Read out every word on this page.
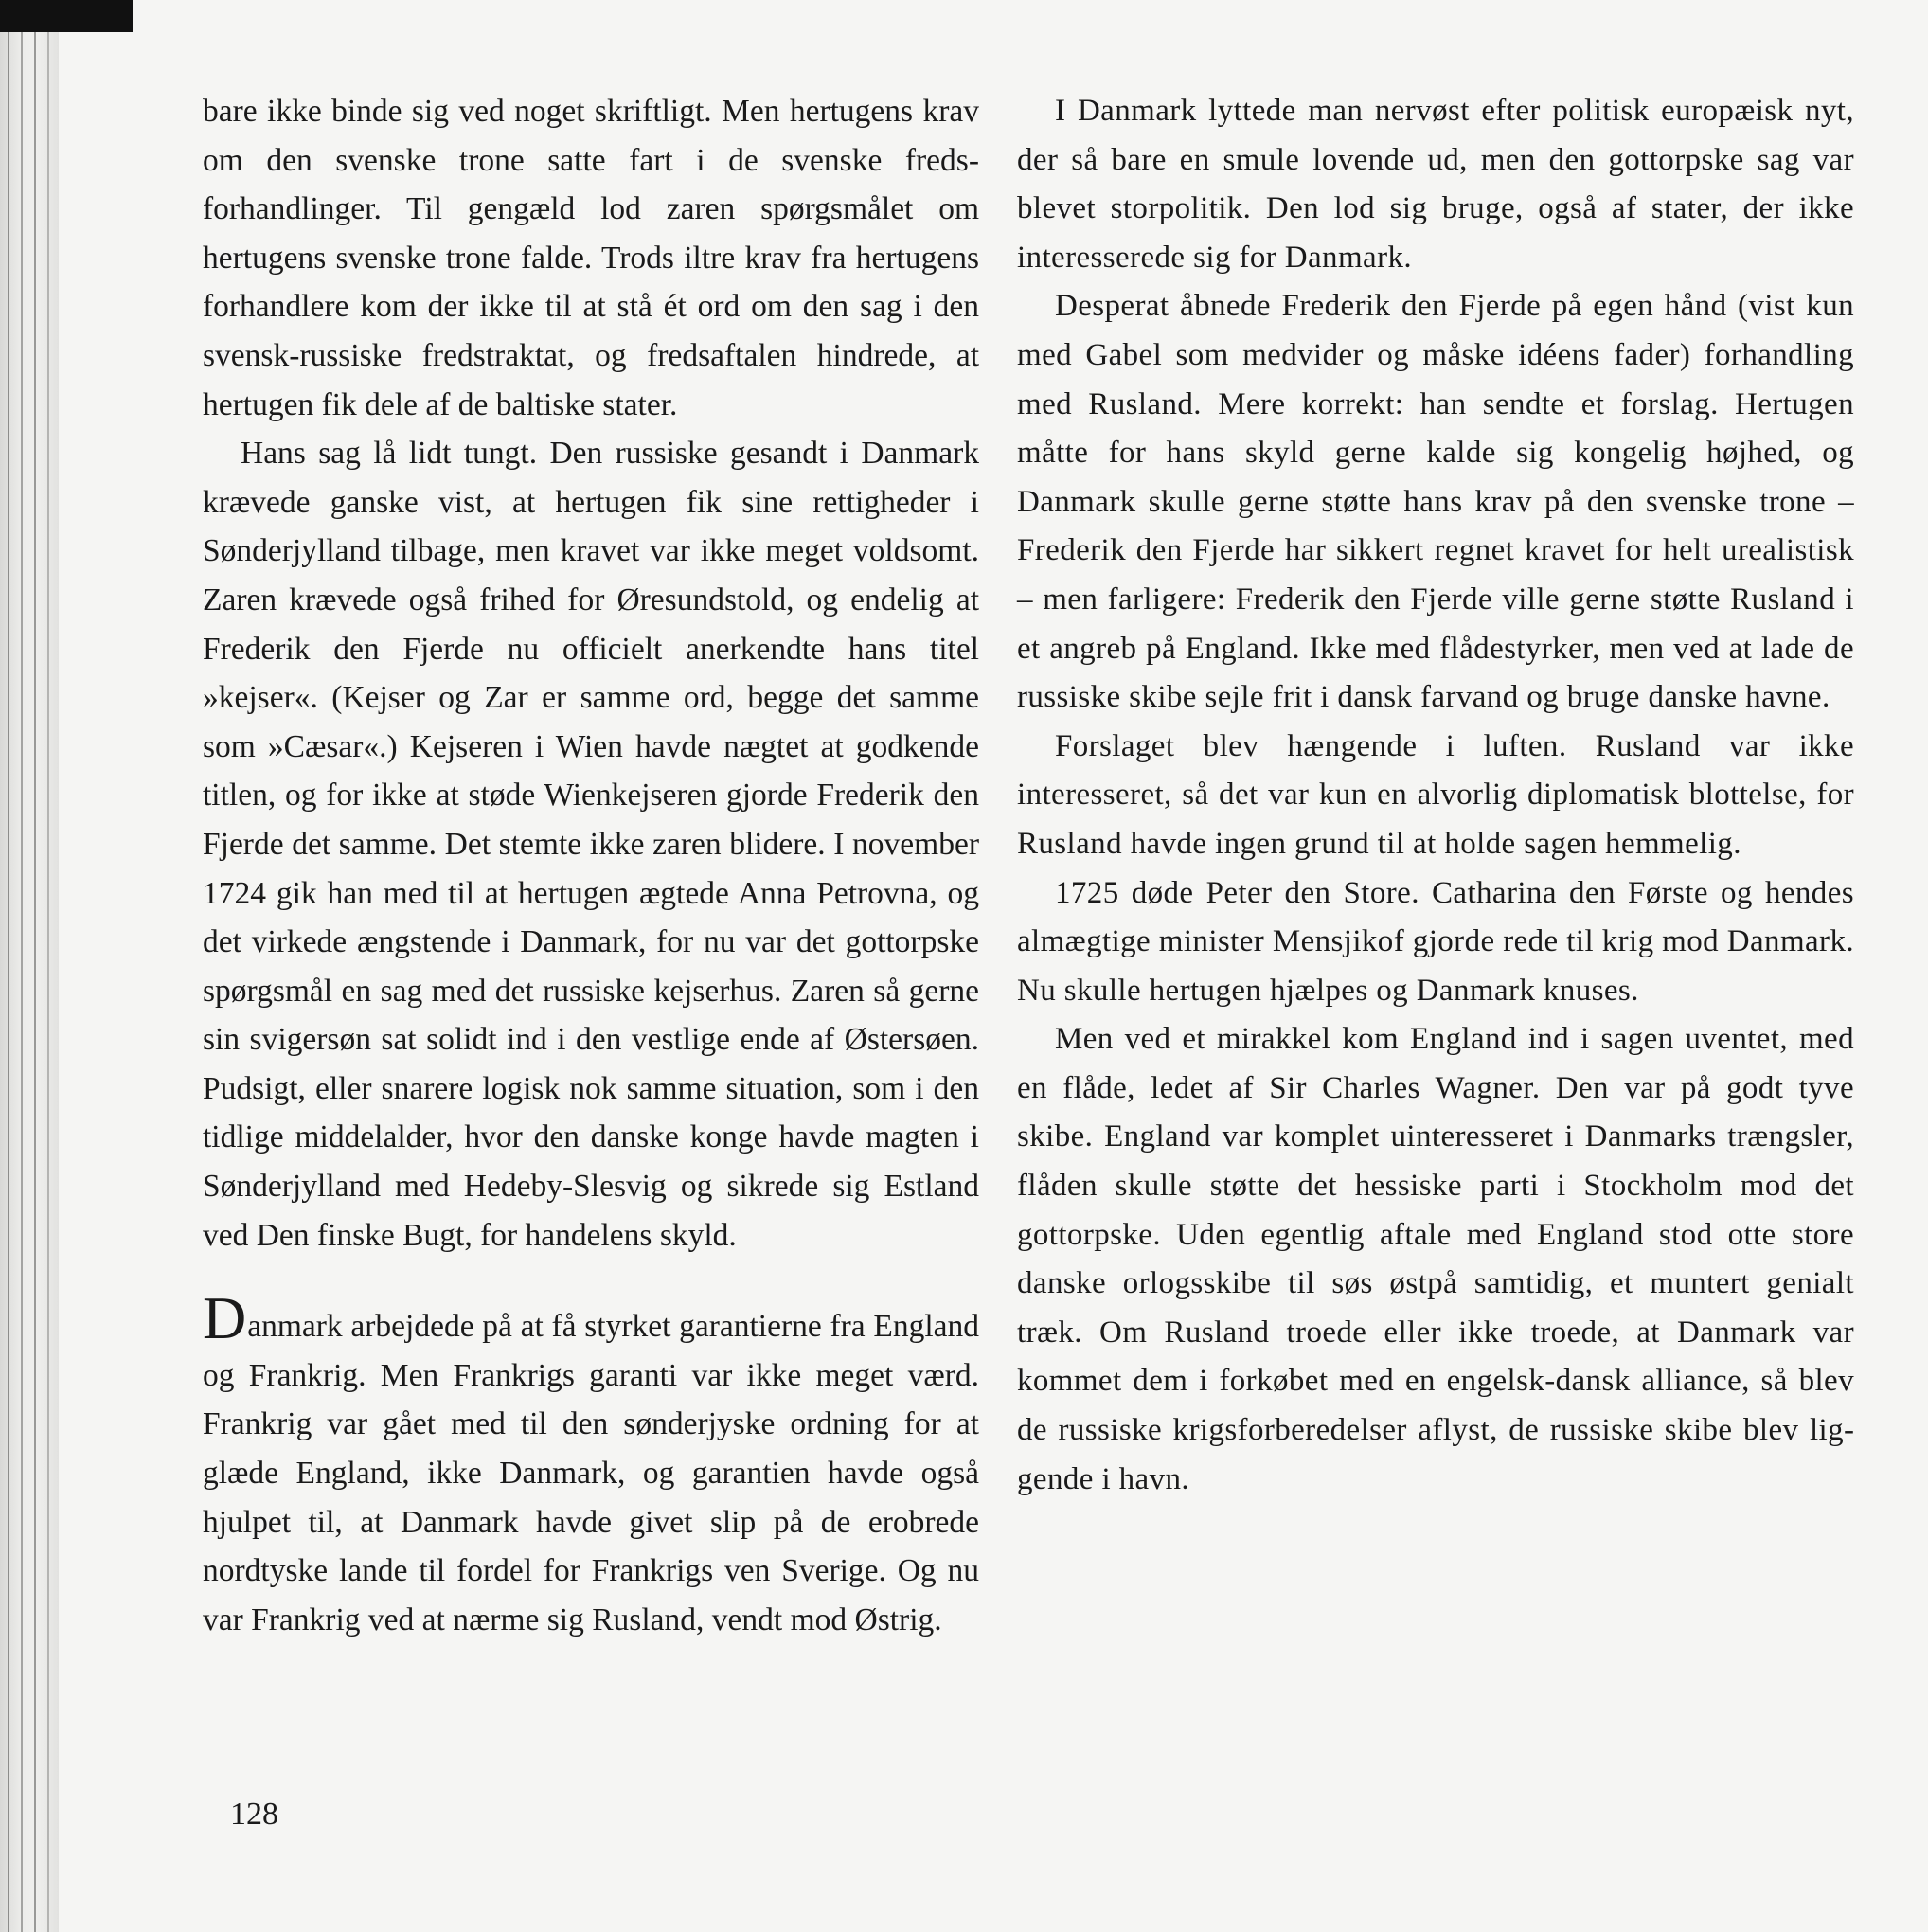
bare ikke binde sig ved noget skriftligt. Men hertugens krav om den svenske trone satte fart i de svenske fredsforhandlinger. Til gengæld lod zaren spørgsmålet om hertugens svenske trone falde. Trods iltre krav fra hertugens forhandlere kom der ikke til at stå ét ord om den sag i den svensk-russiske fredstraktat, og fredsaftalen hindrede, at hertugen fik dele af de baltiske stater.

Hans sag lå lidt tungt. Den russiske gesandt i Danmark krævede ganske vist, at hertugen fik sine rettigheder i Sønderjylland tilbage, men kravet var ikke meget voldsomt. Zaren krævede også frihed for Øresundstold, og endelig at Frederik den Fjerde nu officielt anerkendte hans titel »kejser«. (Kejser og Zar er samme ord, begge det samme som »Cæsar«.) Kejseren i Wien havde nægtet at godkende titlen, og for ikke at støde Wienkejseren gjorde Frederik den Fjerde det samme. Det stemte ikke zaren blidere. I november 1724 gik han med til at hertugen ægtede Anna Petrovna, og det virkede ængstende i Danmark, for nu var det gottorpske spørgsmål en sag med det russiske kejserhus. Zaren så gerne sin svigersøn sat solidt ind i den vestlige ende af Østersøen. Pudsigt, eller snarere logisk nok samme situation, som i den tidlige middelalder, hvor den danske konge havde magten i Sønderjylland med Hedeby-Slesvig og sikrede sig Estland ved Den finske Bugt, for handelens skyld.

Danmark arbejdede på at få styrket garantierne fra England og Frankrig. Men Frankrigs garanti var ikke meget værd. Frankrig var gået med til den sønderjyske ordning for at glæde England, ikke Danmark, og garantien havde også hjulpet til, at Danmark havde givet slip på de erobrede nordtyske lande til fordel for Frankrigs ven Sverige. Og nu var Frankrig ved at nærme sig Rusland, vendt mod Østrig.

I Danmark lyttede man nervøst efter politisk europæisk nyt, der så bare en smule lovende ud, men den gottorpske sag var blevet storpolitik. Den lod sig bruge, også af stater, der ikke interesserede sig for Danmark.

Desperat åbnede Frederik den Fjerde på egen hånd (vist kun med Gabel som medvider og måske idéens fader) forhandling med Rusland. Mere korrekt: han sendte et forslag. Hertugen måtte for hans skyld gerne kalde sig kongelig højhed, og Danmark skulle gerne støtte hans krav på den svenske trone – Frederik den Fjerde har sikkert regnet kravet for helt urealistisk – men farligere: Frederik den Fjerde ville gerne støtte Rusland i et angreb på England. Ikke med flådestyrker, men ved at lade de russiske skibe sejle frit i dansk farvand og bruge danske havne.

Forslaget blev hængende i luften. Rusland var ikke interesseret, så det var kun en alvorlig diplomatisk blottelse, for Rusland havde ingen grund til at holde sagen hemmelig.

1725 døde Peter den Store. Catharina den Første og hendes almægtige minister Mensjikof gjorde rede til krig mod Danmark. Nu skulle hertugen hjælpes og Danmark knuses.

Men ved et mirakkel kom England ind i sagen uventet, med en flåde, ledet af Sir Charles Wagner. Den var på godt tyve skibe. England var komplet uinteresseret i Danmarks trængsler, flåden skulle støtte det hessiske parti i Stockholm mod det gottorpske. Uden egentlig aftale med England stod otte store danske orlogsskibe til søs østpå samtidig, et muntert genialt træk. Om Rusland troede eller ikke troede, at Danmark var kommet dem i forkøbet med en engelsk-dansk alliance, så blev de russiske krigsforberedelser aflyst, de russiske skibe blev liggende i havn.

128
